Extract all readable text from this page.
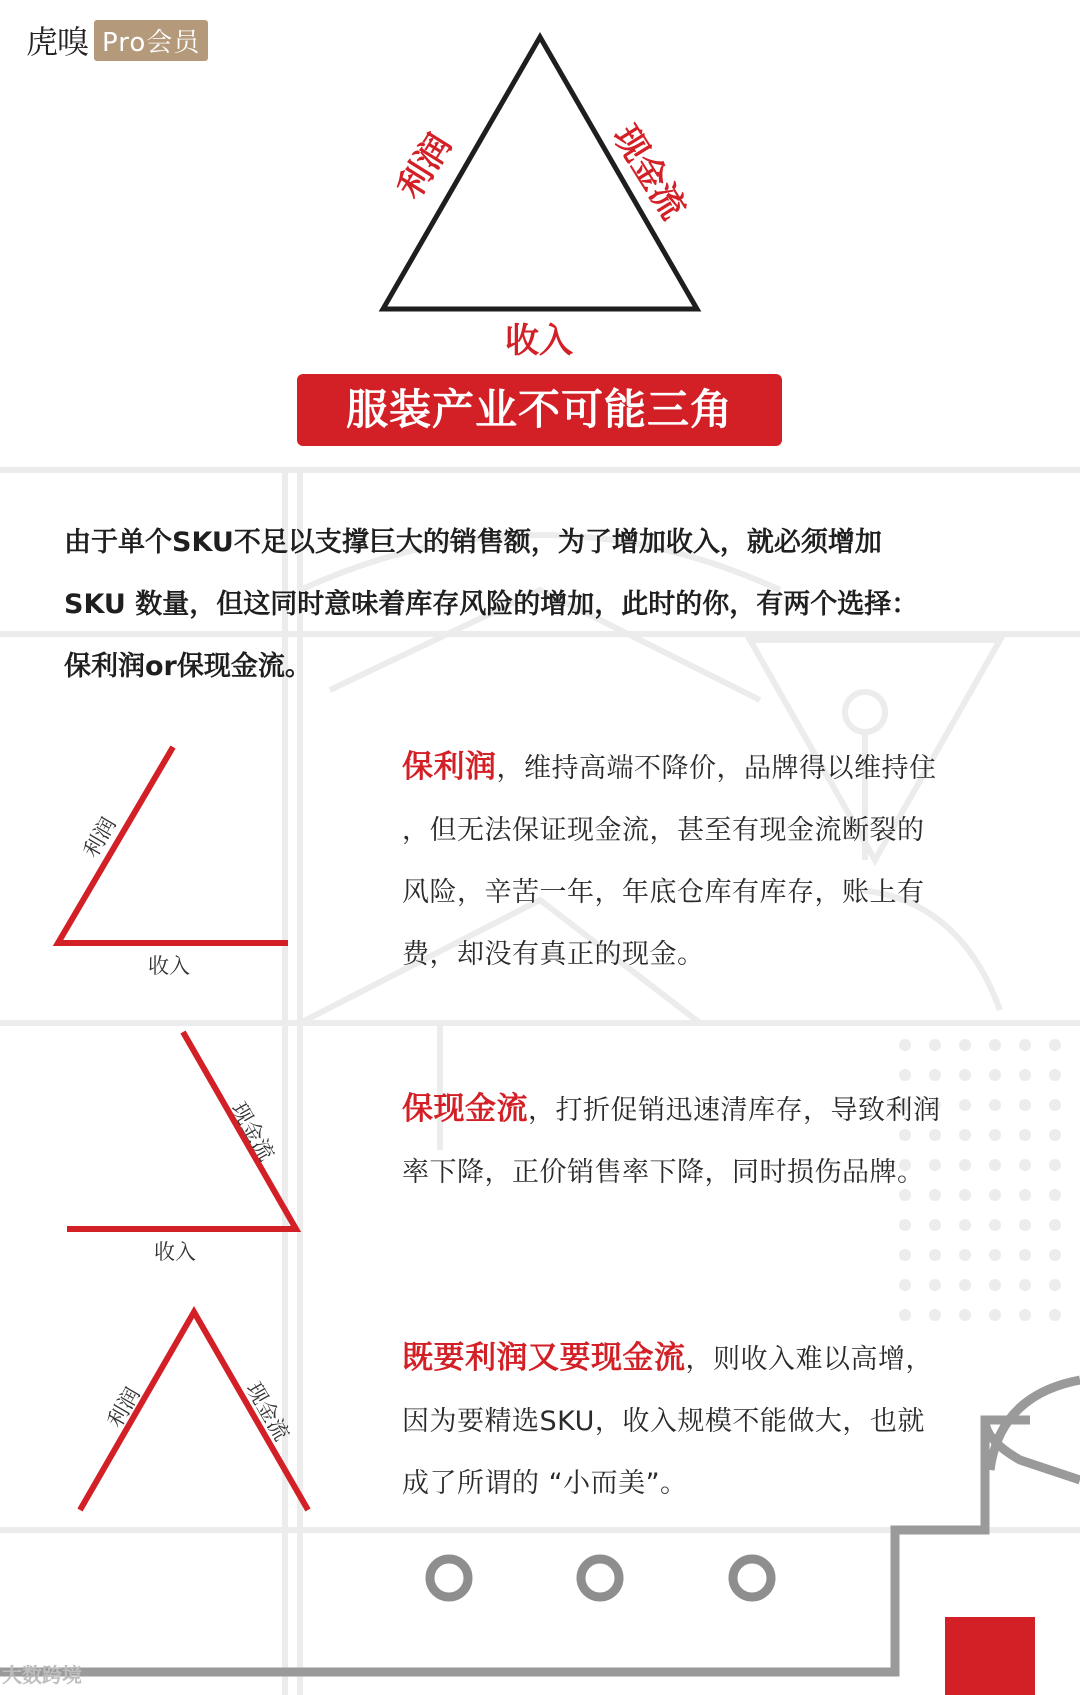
虎嗅 Pro会员
利润	现金流
收入
服装产业不可能三角
由于单个SKU不足以支撑巨大的销售额，为了增加收入，就必须增加
SKU 数量，但这同时意味着库存风险的增加，此时的你，有两个选择：
保利润or保现金流。
利润
收入
现金流
收入
利润	现金流
保利润，维持高端不降价，品牌得以维持住
，但无法保证现金流，甚至有现金流断裂的
风险，辛苦一年，年底仓库有库存，账上有
费，却没有真正的现金。
保现金流，打折促销迅速清库存，导致利润
率下降，正价销售率下降，同时损伤品牌。
既要利润又要现金流，则收入难以高增，
因为要精选SKU，收入规模不能做大，也就
成了所谓的 “小而美”。
大数跨境
